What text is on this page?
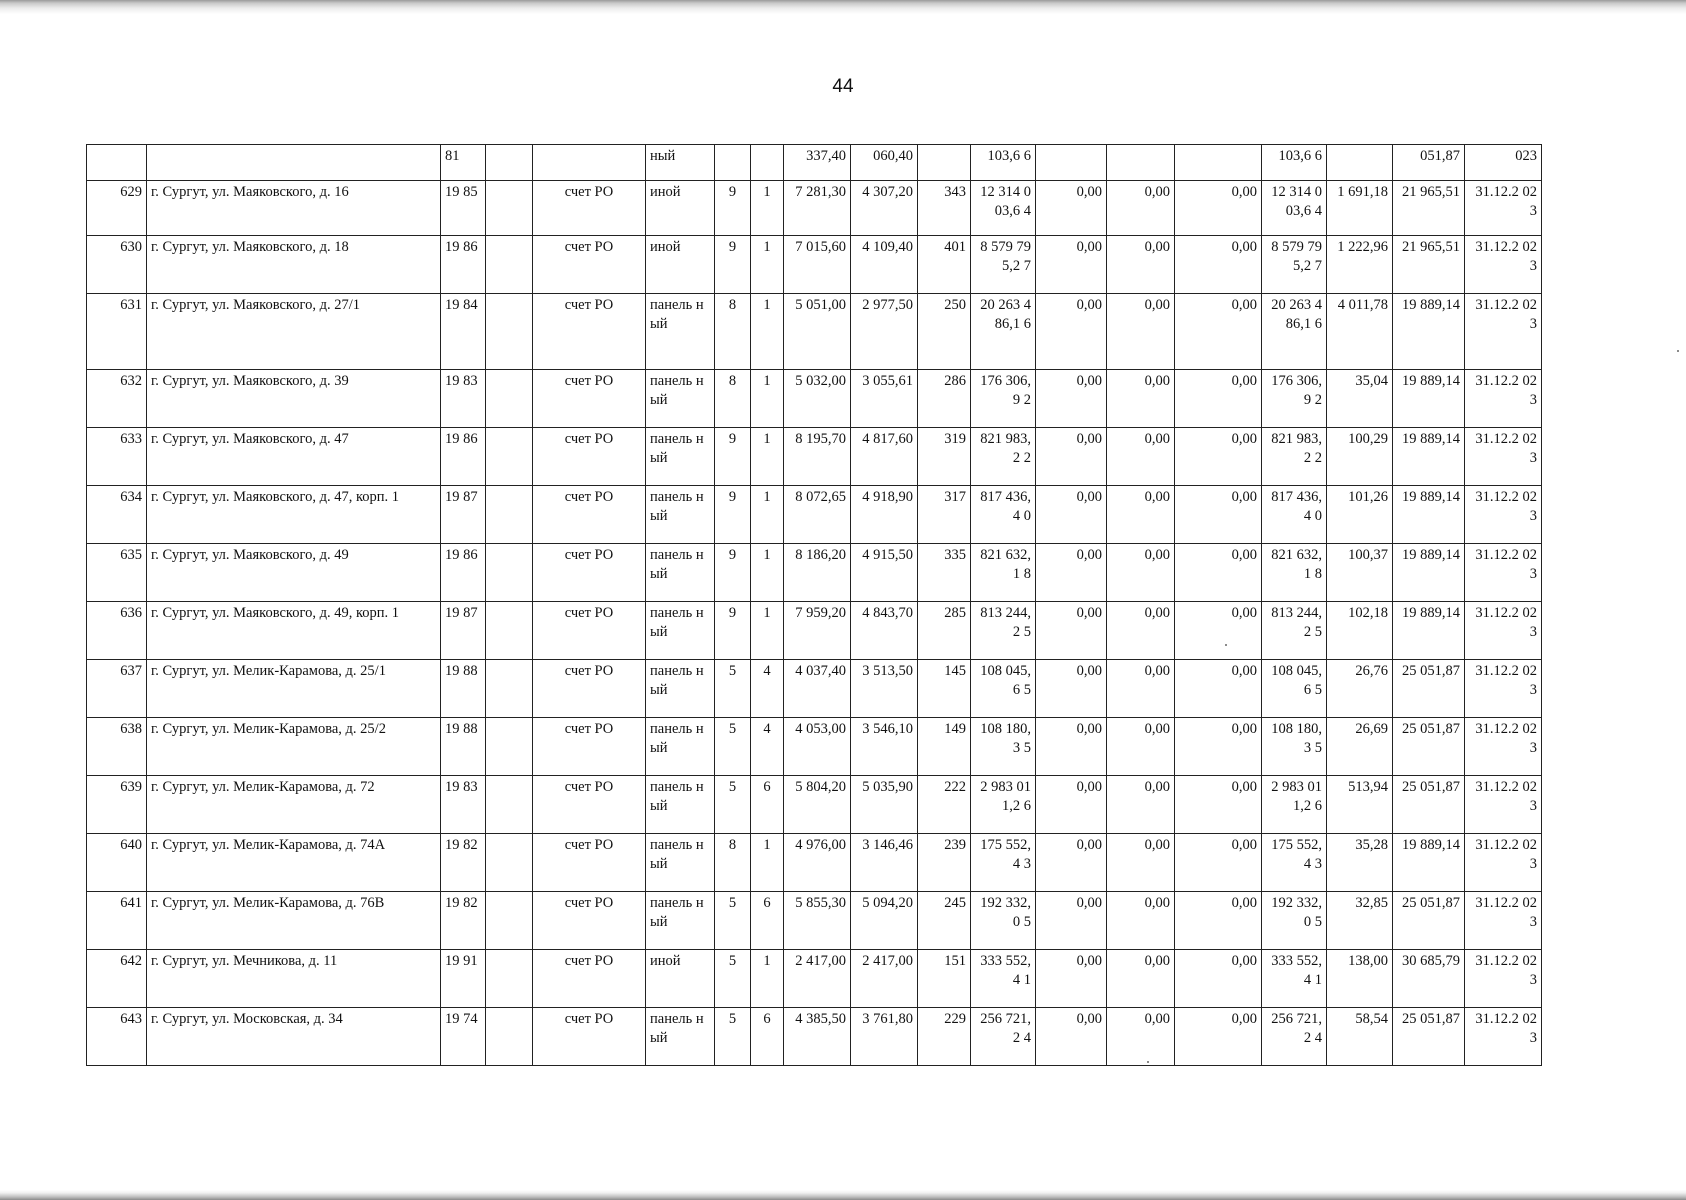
44
		81			ный			337,40	060,40		103,6 6				103,6 6		051,87	023
629	г. Сургут, ул. Маяковского, д. 16	19 85		счет РО	иной	9	1	7 281,30	4 307,20	343	12 314 003,6 4	0,00	0,00	0,00	12 314 003,6 4	1 691,18	21 965,51	31.12.2 023
630	г. Сургут, ул. Маяковского, д. 18	19 86		счет РО	иной	9	1	7 015,60	4 109,40	401	8 579 795,2 7	0,00	0,00	0,00	8 579 795,2 7	1 222,96	21 965,51	31.12.2 023
631	г. Сургут, ул. Маяковского, д. 27/1	19 84		счет РО	панель ный	8	1	5 051,00	2 977,50	250	20 263 486,1 6	0,00	0,00	0,00	20 263 486,1 6	4 011,78	19 889,14	31.12.2 023
632	г. Сургут, ул. Маяковского, д. 39	19 83		счет РО	панель ный	8	1	5 032,00	3 055,61	286	176 306,9 2	0,00	0,00	0,00	176 306,9 2	35,04	19 889,14	31.12.2 023
633	г. Сургут, ул. Маяковского, д. 47	19 86		счет РО	панель ный	9	1	8 195,70	4 817,60	319	821 983,2 2	0,00	0,00	0,00	821 983,2 2	100,29	19 889,14	31.12.2 023
634	г. Сургут, ул. Маяковского, д. 47, корп. 1	19 87		счет РО	панель ный	9	1	8 072,65	4 918,90	317	817 436,4 0	0,00	0,00	0,00	817 436,4 0	101,26	19 889,14	31.12.2 023
635	г. Сургут, ул. Маяковского, д. 49	19 86		счет РО	панель ный	9	1	8 186,20	4 915,50	335	821 632,1 8	0,00	0,00	0,00	821 632,1 8	100,37	19 889,14	31.12.2 023
636	г. Сургут, ул. Маяковского, д. 49, корп. 1	19 87		счет РО	панель ный	9	1	7 959,20	4 843,70	285	813 244,2 5	0,00	0,00	0,00	813 244,2 5	102,18	19 889,14	31.12.2 023
637	г. Сургут, ул. Мелик-Карамова, д. 25/1	19 88		счет РО	панель ный	5	4	4 037,40	3 513,50	145	108 045,6 5	0,00	0,00	0,00	108 045,6 5	26,76	25 051,87	31.12.2 023
638	г. Сургут, ул. Мелик-Карамова, д. 25/2	19 88		счет РО	панель ный	5	4	4 053,00	3 546,10	149	108 180,3 5	0,00	0,00	0,00	108 180,3 5	26,69	25 051,87	31.12.2 023
639	г. Сургут, ул. Мелик-Карамова, д. 72	19 83		счет РО	панель ный	5	6	5 804,20	5 035,90	222	2 983 011,2 6	0,00	0,00	0,00	2 983 011,2 6	513,94	25 051,87	31.12.2 023
640	г. Сургут, ул. Мелик-Карамова, д. 74А	19 82		счет РО	панель ный	8	1	4 976,00	3 146,46	239	175 552,4 3	0,00	0,00	0,00	175 552,4 3	35,28	19 889,14	31.12.2 023
641	г. Сургут, ул. Мелик-Карамова, д. 76В	19 82		счет РО	панель ный	5	6	5 855,30	5 094,20	245	192 332,0 5	0,00	0,00	0,00	192 332,0 5	32,85	25 051,87	31.12.2 023
642	г. Сургут, ул. Мечникова, д. 11	19 91		счет РО	иной	5	1	2 417,00	2 417,00	151	333 552,4 1	0,00	0,00	0,00	333 552,4 1	138,00	30 685,79	31.12.2 023
643	г. Сургут, ул. Московская, д. 34	19 74		счет РО	панель ный	5	6	4 385,50	3 761,80	229	256 721,2 4	0,00	0,00	0,00	256 721,2 4	58,54	25 051,87	31.12.2 023
